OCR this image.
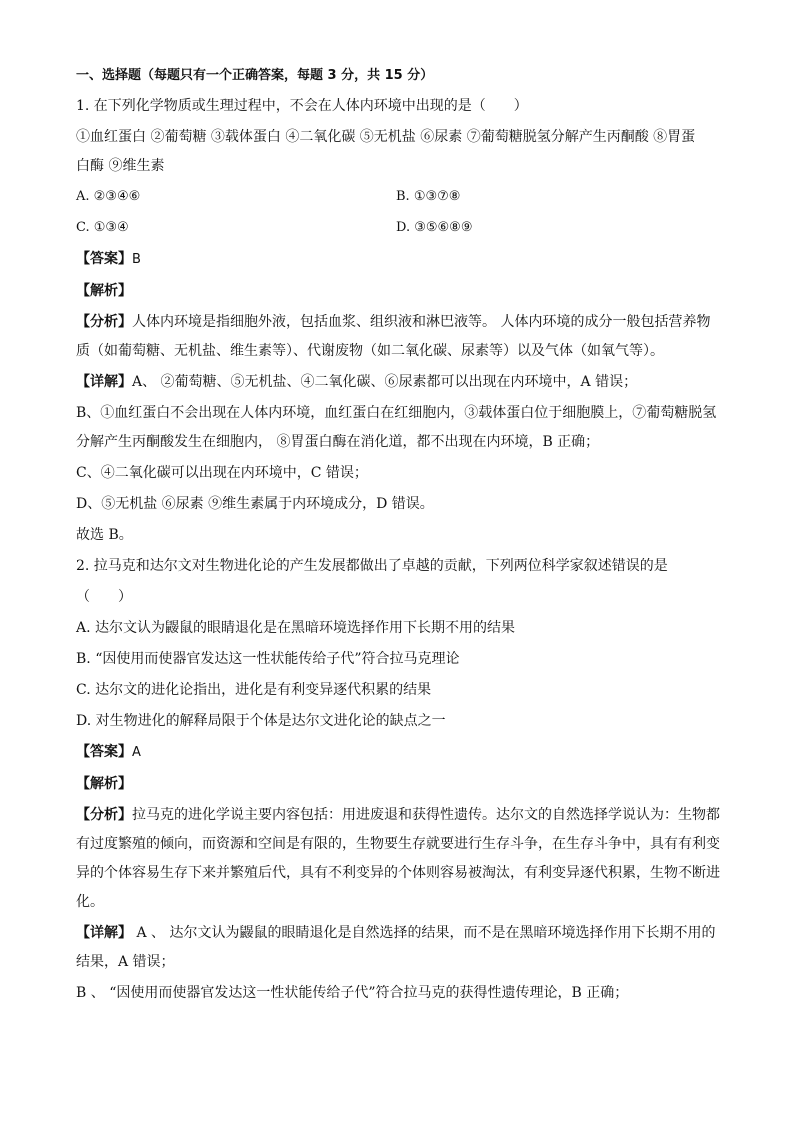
一、选择题（每题只有一个正确答案，每题 3 分，共 15 分）
1. 在下列化学物质或生理过程中，不会在人体内环境中出现的是（　　）
①血红蛋白 ②葡萄糖 ③载体蛋白 ④二氧化碳 ⑤无机盐 ⑥尿素 ⑦葡萄糖脱氢分解产生丙酮酸 ⑧胃蛋
白酶 ⑨维生素
A. ②③④⑥	B. ①③⑦⑧
C. ①③④	D. ③⑤⑥⑧⑨
【答案】B
【解析】
【分析】人体内环境是指细胞外液，包括血浆、组织液和淋巴液等。 人体内环境的成分一般包括营养物
质（如葡萄糖、无机盐、维生素等）、代谢废物（如二氧化碳、尿素等）以及气体（如氧气等）。
【详解】A、 ②葡萄糖、⑤无机盐、④二氧化碳、⑥尿素都可以出现在内环境中，A 错误；
B、①血红蛋白不会出现在人体内环境，血红蛋白在红细胞内，③载体蛋白位于细胞膜上，⑦葡萄糖脱氢
分解产生丙酮酸发生在细胞内， ⑧胃蛋白酶在消化道，都不出现在内环境，B 正确；
C、④二氧化碳可以出现在内环境中，C 错误；
D、⑤无机盐 ⑥尿素 ⑨维生素属于内环境成分，D 错误。
故选 B。
2. 拉马克和达尔文对生物进化论的产生发展都做出了卓越的贡献，下列两位科学家叙述错误的是
（　　）
A. 达尔文认为鼹鼠的眼睛退化是在黑暗环境选择作用下长期不用的结果
B. “因使用而使器官发达这一性状能传给子代”符合拉马克理论
C. 达尔文的进化论指出，进化是有利变异逐代积累的结果
D. 对生物进化的解释局限于个体是达尔文进化论的缺点之一
【答案】A
【解析】
【分析】拉马克的进化学说主要内容包括：用进废退和获得性遗传。达尔文的自然选择学说认为：生物都
有过度繁殖的倾向，而资源和空间是有限的，生物要生存就要进行生存斗争，在生存斗争中，具有有利变
异的个体容易生存下来并繁殖后代，具有不利变异的个体则容易被淘汰，有利变异逐代积累，生物不断进
化。
【详解】 A 、 达尔文认为鼹鼠的眼睛退化是自然选择的结果，而不是在黑暗环境选择作用下长期不用的
结果，A 错误；
B 、 “因使用而使器官发达这一性状能传给子代”符合拉马克的获得性遗传理论，B 正确；
